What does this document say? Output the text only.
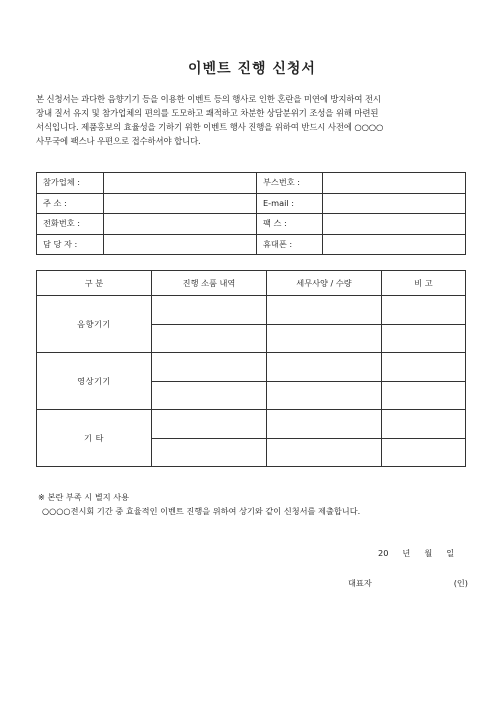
이벤트 진행 신청서
본 신청서는 과다한 음향기기 등을 이용한 이벤트 등의 행사로 인한 혼란을 미연에 방지하여 전시
장내 질서 유지 및 참가업체의 편의를 도모하고 쾌적하고 차분한 상담분위기 조성을 위해 마련된
서식입니다. 제품홍보의 효율성을 기하기 위한 이벤트 행사 진행을 위하여 반드시 사전에 ○○○○
사무국에 팩스나 우편으로 접수하셔야 합니다.
참가업체 :		부스번호 :	
주 소 :		E-mail :	
전화번호 :		팩 스 :	
담 당 자 :		휴대폰 :	
구 분	진행 소품 내역	세무사양 / 수량	비 고
음향기기			

영상기기			

기 타			

※ 본란 부족 시 별지 사용
○○○○전시회 기간 중 효율적인 이벤트 진행을 위하여 상기와 같이 신청서를 제출합니다.
20 년 월 일
대표자	(인)
